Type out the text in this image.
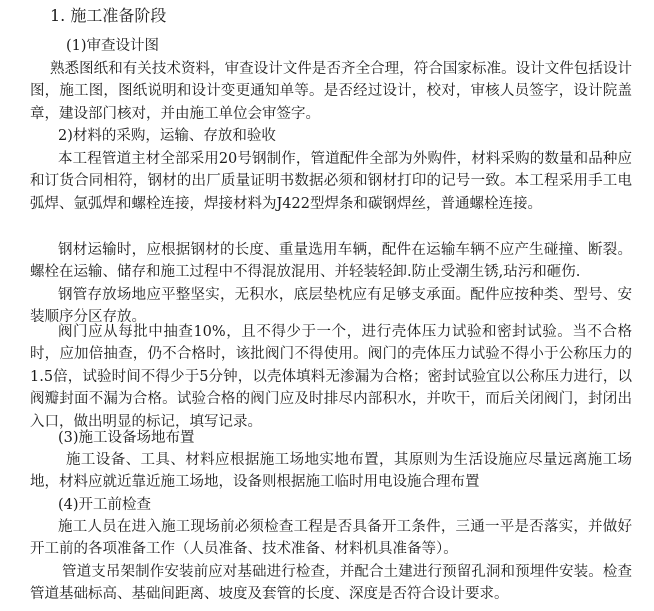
1. 施工准备阶段
(1)审查设计图

熟悉图纸和有关技术资料，审查设计文件是否齐全合理，符合国家标准。设计文件包括设计图，施工图，图纸说明和设计变更通知单等。是否经过设计，校对，审核人员签字，设计院盖章，建设部门核对，并由施工单位会审签字。

2)材料的采购，运输、存放和验收

本工程管道主材全部采用20号钢制作，管道配件全部为外购件，材料采购的数量和品种应和订货合同相符，钢材的出厂质量证明书数据必须和钢材打印的记号一致。本工程采用手工电弧焊、氩弧焊和螺栓连接，焊接材料为J422型焊条和碳钢焊丝，普通螺栓连接。

钢材运输时，应根据钢材的长度、重量选用车辆，配件在运输车辆不应产生碰撞、断裂。螺栓在运输、储存和施工过程中不得混放混用、并轻装轻卸.防止受潮生锈,玷污和砸伤.

钢管存放场地应平整坚实，无积水，底层垫枕应有足够支承面。配件应按种类、型号、安装顺序分区存放。

阀门应从每批中抽查10%，且不得少于一个，进行壳体压力试验和密封试验。当不合格时，应加倍抽查，仍不合格时，该批阀门不得使用。阀门的壳体压力试验不得小于公称压力的1.5倍，试验时间不得少于5分钟，以壳体填料无渗漏为合格；密封试验宜以公称压力进行，以阀瓣封面不漏为合格。试验合格的阀门应及时排尽内部积水，并吹干，而后关闭阀门，封闭出入口，做出明显的标记，填写记录。

(3)施工设备场地布置

施工设备、工具、材料应根据施工场地实地布置，其原则为生活设施应尽量远离施工场地，材料应就近靠近施工场地，设备则根据施工临时用电设施合理布置

(4)开工前检查

施工人员在进入施工现场前必须检查工程是否具备开工条件，三通一平是否落实，并做好开工前的各项准备工作（人员准备、技术准备、材料机具准备等）。

管道支吊架制作安装前应对基础进行检查，并配合土建进行预留孔洞和预埋件安装。检查管道基础标高、基础间距离、坡度及套管的长度、深度是否符合设计要求。
